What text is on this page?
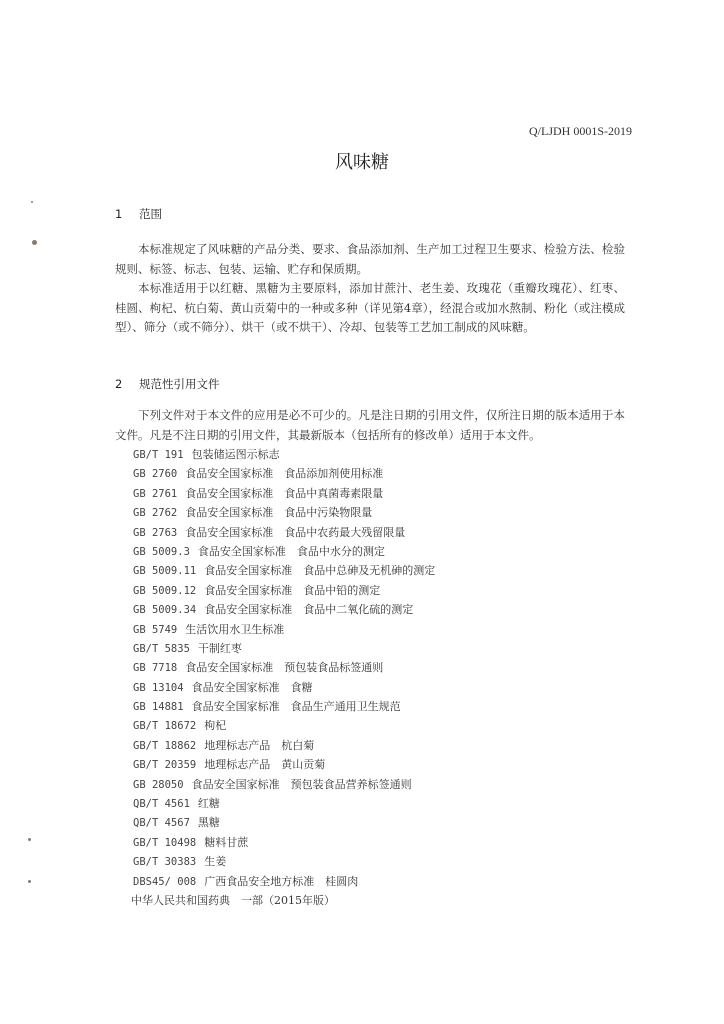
Q/LJDH 0001S-2019
风味糖
1 范围

本标准规定了风味糖的产品分类、要求、食品添加剂、生产加工过程卫生要求、检验方法、检验规则、标签、标志、包装、运输、贮存和保质期。

本标准适用于以红糖、黑糖为主要原料，添加甘蔗汁、老生姜、玫瑰花（重瓣玫瑰花）、红枣、桂圆、枸杞、杭白菊、黄山贡菊中的一种或多种（详见第4章），经混合或加水熬制、粉化（或注模成型）、筛分（或不筛分）、烘干（或不烘干）、冷却、包装等工艺加工制成的风味糖。

2 规范性引用文件

下列文件对于本文件的应用是必不可少的。凡是注日期的引用文件，仅所注日期的版本适用于本文件。凡是不注日期的引用文件，其最新版本（包括所有的修改单）适用于本文件。

GB/T 191 包装储运图示标志
GB 2760 食品安全国家标准　食品添加剂使用标准
GB 2761 食品安全国家标准　食品中真菌毒素限量
GB 2762 食品安全国家标准　食品中污染物限量
GB 2763 食品安全国家标准　食品中农药最大残留限量
GB 5009.3 食品安全国家标准　食品中水分的测定
GB 5009.11 食品安全国家标准　食品中总砷及无机砷的测定
GB 5009.12 食品安全国家标准　食品中铅的测定
GB 5009.34 食品安全国家标准　食品中二氧化硫的测定
GB 5749 生活饮用水卫生标准
GB/T 5835 干制红枣
GB 7718 食品安全国家标准　预包装食品标签通则
GB 13104 食品安全国家标准　食糖
GB 14881 食品安全国家标准　食品生产通用卫生规范
GB/T 18672 枸杞
GB/T 18862 地理标志产品　杭白菊
GB/T 20359 地理标志产品　黄山贡菊
GB 28050 食品安全国家标准　预包装食品营养标签通则
QB/T 4561 红糖
QB/T 4567 黑糖
GB/T 10498 糖料甘蔗
GB/T 30383 生姜
DBS45/ 008 广西食品安全地方标准　桂圆肉
中华人民共和国药典　一部（2015年版）
